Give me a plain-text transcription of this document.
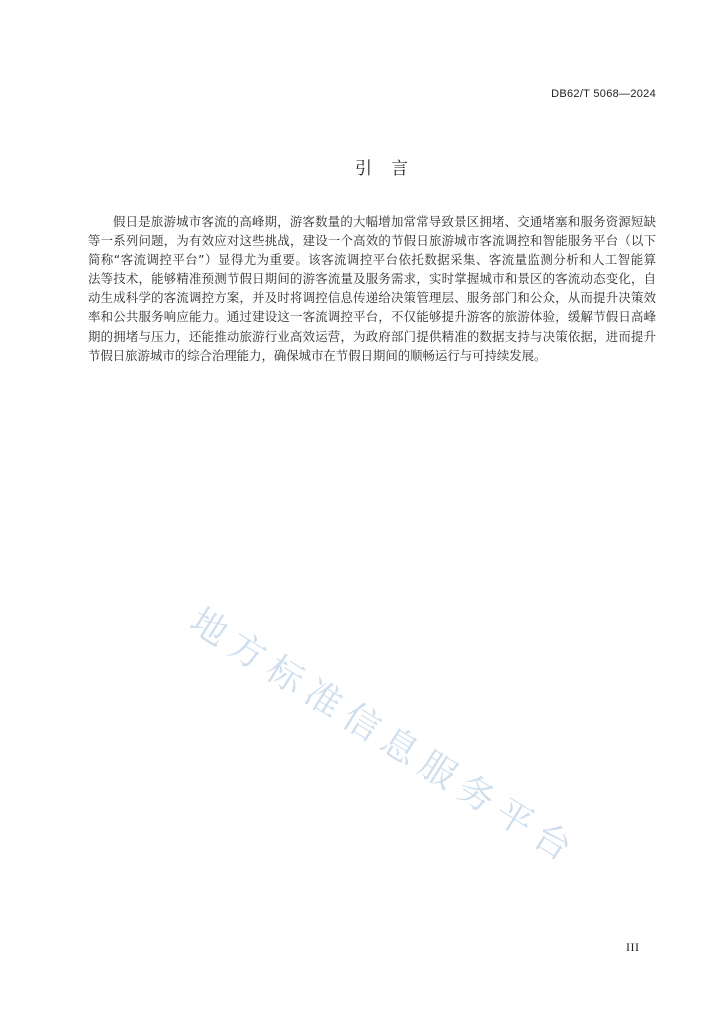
DB62/T 5068—2024
引　言
假日是旅游城市客流的高峰期，游客数量的大幅增加常常导致景区拥堵、交通堵塞和服务资源短缺
等一系列问题，为有效应对这些挑战，建设一个高效的节假日旅游城市客流调控和智能服务平台（以下
简称“客流调控平台”）显得尤为重要。该客流调控平台依托数据采集、客流量监测分析和人工智能算
法等技术，能够精准预测节假日期间的游客流量及服务需求，实时掌握城市和景区的客流动态变化，自
动生成科学的客流调控方案，并及时将调控信息传递给决策管理层、服务部门和公众，从而提升决策效
率和公共服务响应能力。通过建设这一客流调控平台，不仅能够提升游客的旅游体验，缓解节假日高峰
期的拥堵与压力，还能推动旅游行业高效运营，为政府部门提供精准的数据支持与决策依据，进而提升
节假日旅游城市的综合治理能力，确保城市在节假日期间的顺畅运行与可持续发展。
地方标准信息服务平台
III
